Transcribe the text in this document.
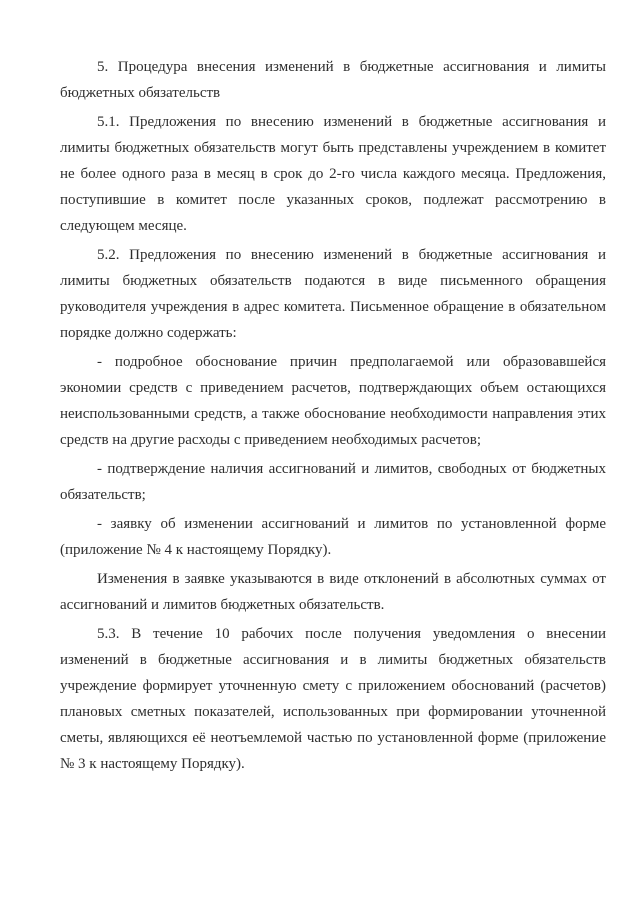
5. Процедура внесения изменений в бюджетные ассигнования и лимиты бюджетных обязательств

5.1. Предложения по внесению изменений в бюджетные ассигнования и лимиты бюджетных обязательств могут быть представлены учреждением в комитет не более одного раза в месяц в срок до 2-го числа каждого месяца. Предложения, поступившие в комитет после указанных сроков, подлежат рассмотрению в следующем месяце.

5.2. Предложения по внесению изменений в бюджетные ассигнования и лимиты бюджетных обязательств подаются в виде письменного обращения руководителя учреждения в адрес комитета. Письменное обращение в обязательном порядке должно содержать:

- подробное обоснование причин предполагаемой или образовавшейся экономии средств с приведением расчетов, подтверждающих объем остающихся неиспользованными средств, а также обоснование необходимости направления этих средств на другие расходы с приведением необходимых расчетов;

- подтверждение наличия ассигнований и лимитов, свободных от бюджетных обязательств;

- заявку об изменении ассигнований и лимитов по установленной форме (приложение № 4 к настоящему Порядку).

Изменения в заявке указываются в виде отклонений в абсолютных суммах от ассигнований и лимитов бюджетных обязательств.

5.3. В течение 10 рабочих после получения уведомления о внесении изменений в бюджетные ассигнования и в лимиты бюджетных обязательств учреждение формирует уточненную смету с приложением обоснований (расчетов) плановых сметных показателей, использованных при формировании уточненной сметы, являющихся её неотъемлемой частью по установленной форме (приложение № 3 к настоящему Порядку).
